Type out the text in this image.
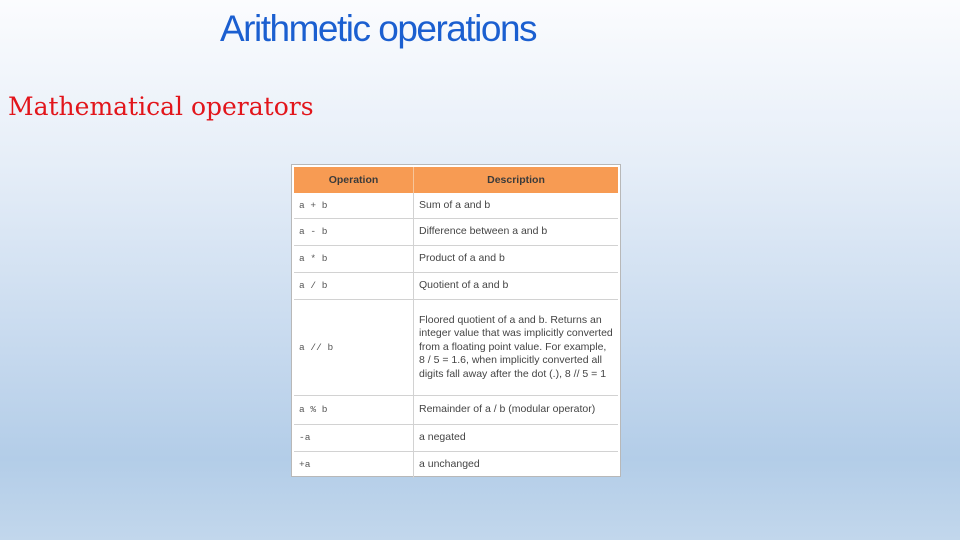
Arithmetic operations
Mathematical operators
Operation	Description
a + b	Sum of a and b
a - b	Difference between a and b
a * b	Product of a and b
a / b	Quotient of a and b
a // b	Floored quotient of a and b. Returns an integer value that was implicitly converted from a floating point value. For example, 8 / 5 = 1.6, when implicitly converted all digits fall away after the dot (.), 8 // 5 = 1
a % b	Remainder of a / b (modular operator)
-a	a negated
+a	a unchanged
